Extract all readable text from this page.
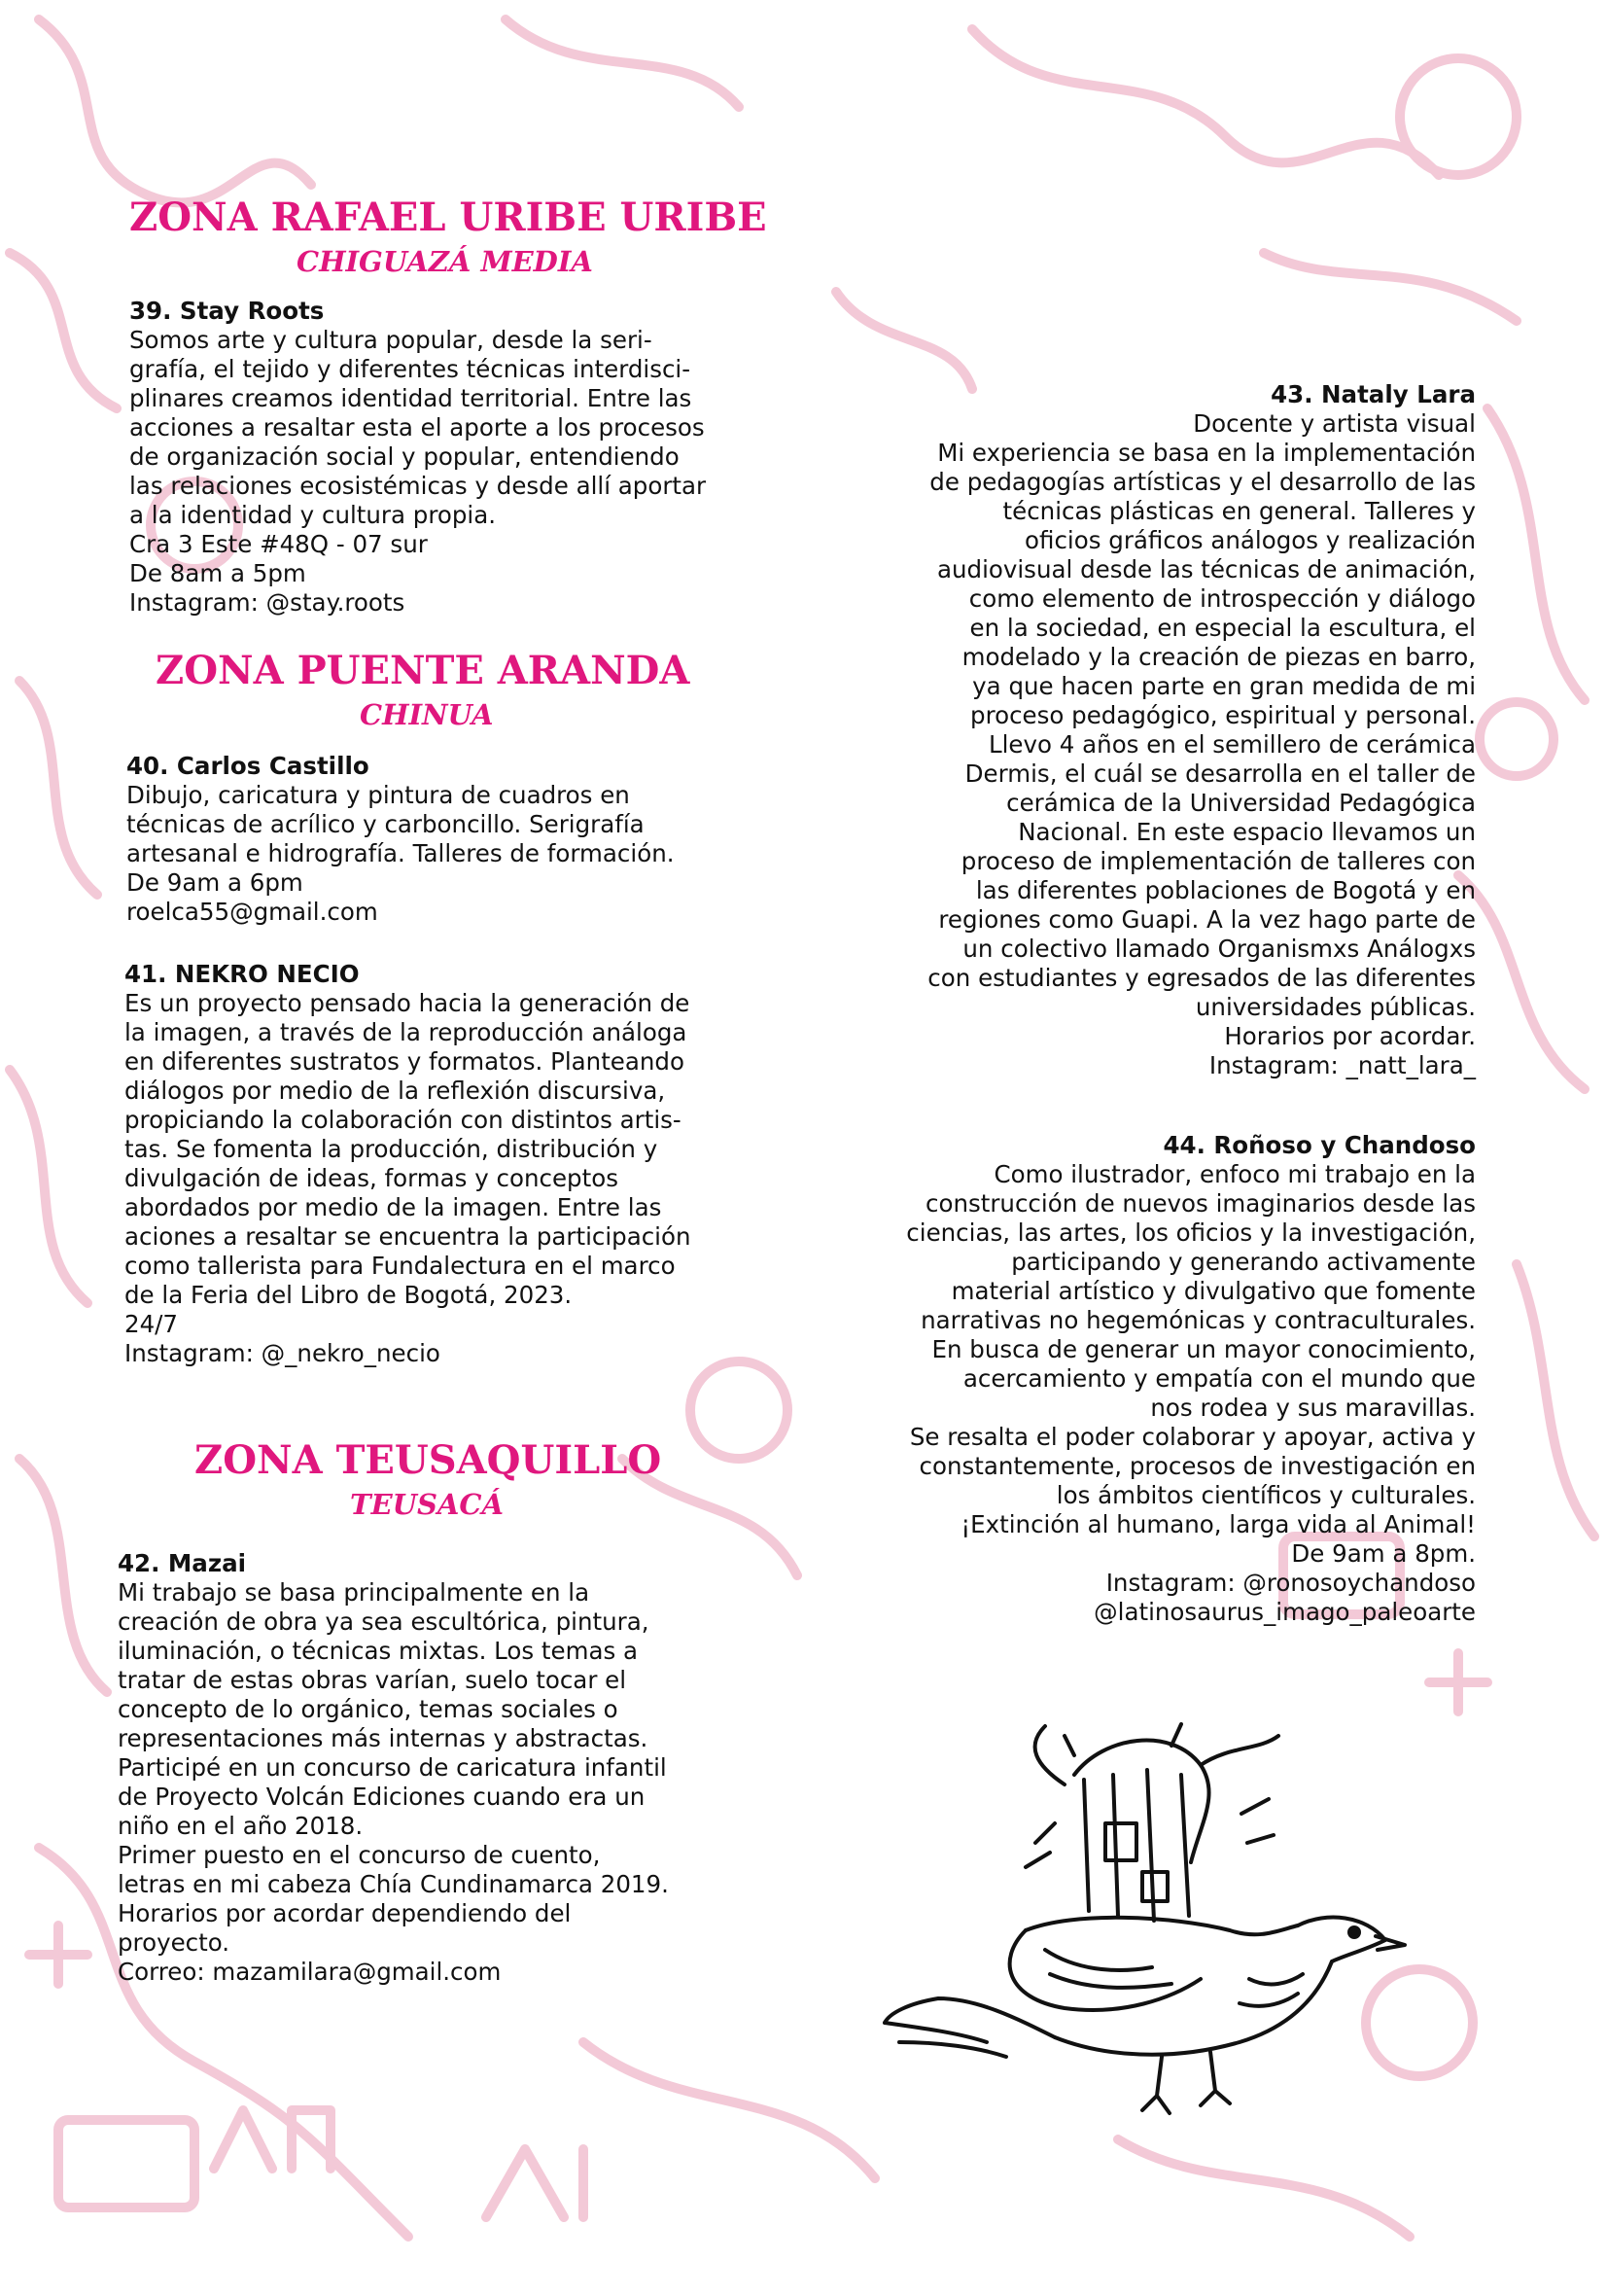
ZONA RAFAEL URIBE URIBE
CHIGUAZÁ MEDIA

39. Stay Roots

Somos arte y cultura popular, desde la seri-
grafía, el tejido y diferentes técnicas interdisci-
plinares creamos identidad territorial. Entre las
acciones a resaltar esta el aporte a los procesos
de organización social y popular, entendiendo
las relaciones ecosistémicas y desde allí aportar
a la identidad y cultura propia.

Cra 3 Este #48Q - 07 sur

De 8am a 5pm

Instagram: @stay.roots

ZONA PUENTE ARANDA
CHINUA

40. Carlos Castillo

Dibujo, caricatura y pintura de cuadros en
técnicas de acrílico y carboncillo. Serigrafía
artesanal e hidrografía. Talleres de formación.

De 9am a 6pm

roelca55@gmail.com

41. NEKRO NECIO

Es un proyecto pensado hacia la generación de
la imagen, a través de la reproducción análoga
en diferentes sustratos y formatos. Planteando
diálogos por medio de la reflexión discursiva,
propiciando la colaboración con distintos artis-
tas. Se fomenta la producción, distribución y
divulgación de ideas, formas y conceptos
abordados por medio de la imagen. Entre las
aciones a resaltar se encuentra la participación
como tallerista para Fundalectura en el marco
de la Feria del Libro de Bogotá, 2023.

24/7

Instagram: @_nekro_necio

ZONA TEUSAQUILLO
TEUSACÁ

42. Mazai

Mi trabajo se basa principalmente en la
creación de obra ya sea escultórica, pintura,
iluminación, o técnicas mixtas. Los temas a
tratar de estas obras varían, suelo tocar el
concepto de lo orgánico, temas sociales o
representaciones más internas y abstractas.
Participé en un concurso de caricatura infantil
de Proyecto Volcán Ediciones cuando era un
niño en el año 2018.
Primer puesto en el concurso de cuento,
letras en mi cabeza Chía Cundinamarca 2019.

Horarios por acordar dependiendo del
proyecto.

Correo: mazamilara@gmail.com

43. Nataly Lara

Docente y artista visual

Mi experiencia se basa en la implementación
de pedagogías artísticas y el desarrollo de las
técnicas plásticas en general. Talleres y
oficios gráficos análogos y realización
audiovisual desde las técnicas de animación,
como elemento de introspección y diálogo
en la sociedad, en especial la escultura, el
modelado y la creación de piezas en barro,
ya que hacen parte en gran medida de mi
proceso pedagógico, espiritual y personal.
Llevo 4 años en el semillero de cerámica
Dermis, el cuál se desarrolla en el taller de
cerámica de la Universidad Pedagógica
Nacional. En este espacio llevamos un
proceso de implementación de talleres con
las diferentes poblaciones de Bogotá y en
regiones como Guapi. A la vez hago parte de
un colectivo llamado Organismxs Análogxs
con estudiantes y egresados de las diferentes
universidades públicas.

Horarios por acordar.

Instagram: _natt_lara_

44. Roñoso y Chandoso

Como ilustrador, enfoco mi trabajo en la
construcción de nuevos imaginarios desde las
ciencias, las artes, los oficios y la investigación,
participando y generando activamente
material artístico y divulgativo que fomente
narrativas no hegemónicas y contraculturales.
En busca de generar un mayor conocimiento,
acercamiento y empatía con el mundo que
nos rodea y sus maravillas.
Se resalta el poder colaborar y apoyar, activa y
constantemente, procesos de investigación en
los ámbitos científicos y culturales.
¡Extinción al humano, larga vida al Animal!

De 9am a 8pm.

Instagram: @ronosoychandoso

@latinosaurus_imago_paleoarte
